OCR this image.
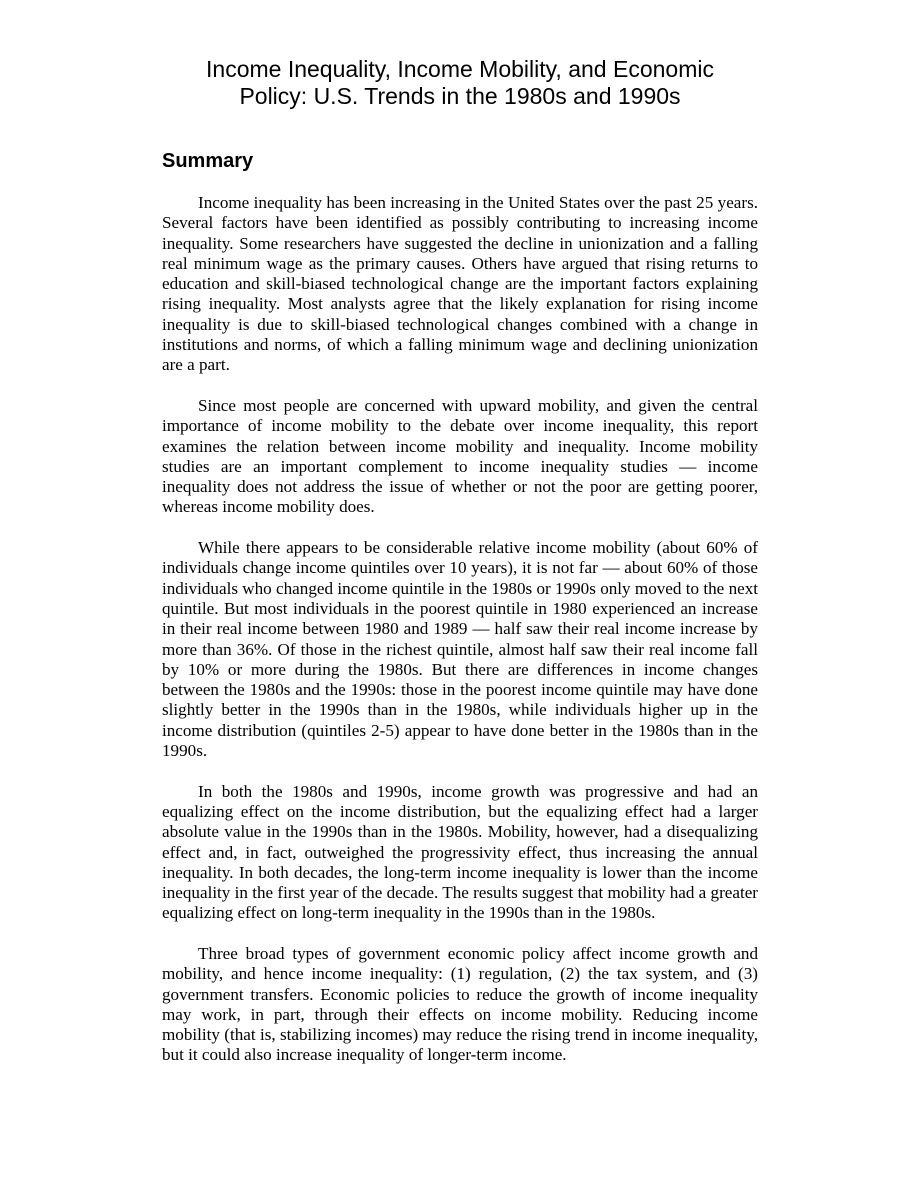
Income Inequality, Income Mobility, and Economic
Policy: U.S. Trends in the 1980s and 1990s
Summary

Income inequality has been increasing in the United States over the past 25 years. Several factors have been identified as possibly contributing to increasing income inequality. Some researchers have suggested the decline in unionization and a falling real minimum wage as the primary causes. Others have argued that rising returns to education and skill-biased technological change are the important factors explaining rising inequality. Most analysts agree that the likely explanation for rising income inequality is due to skill-biased technological changes combined with a change in institutions and norms, of which a falling minimum wage and declining unionization are a part.

Since most people are concerned with upward mobility, and given the central importance of income mobility to the debate over income inequality, this report examines the relation between income mobility and inequality. Income mobility studies are an important complement to income inequality studies — income inequality does not address the issue of whether or not the poor are getting poorer, whereas income mobility does.

While there appears to be considerable relative income mobility (about 60% of individuals change income quintiles over 10 years), it is not far — about 60% of those individuals who changed income quintile in the 1980s or 1990s only moved to the next quintile. But most individuals in the poorest quintile in 1980 experienced an increase in their real income between 1980 and 1989 — half saw their real income increase by more than 36%. Of those in the richest quintile, almost half saw their real income fall by 10% or more during the 1980s. But there are differences in income changes between the 1980s and the 1990s: those in the poorest income quintile may have done slightly better in the 1990s than in the 1980s, while individuals higher up in the income distribution (quintiles 2-5) appear to have done better in the 1980s than in the 1990s.

In both the 1980s and 1990s, income growth was progressive and had an equalizing effect on the income distribution, but the equalizing effect had a larger absolute value in the 1990s than in the 1980s. Mobility, however, had a disequalizing effect and, in fact, outweighed the progressivity effect, thus increasing the annual inequality. In both decades, the long-term income inequality is lower than the income inequality in the first year of the decade. The results suggest that mobility had a greater equalizing effect on long-term inequality in the 1990s than in the 1980s.

Three broad types of government economic policy affect income growth and mobility, and hence income inequality: (1) regulation, (2) the tax system, and (3) government transfers. Economic policies to reduce the growth of income inequality may work, in part, through their effects on income mobility. Reducing income mobility (that is, stabilizing incomes) may reduce the rising trend in income inequality, but it could also increase inequality of longer-term income.
